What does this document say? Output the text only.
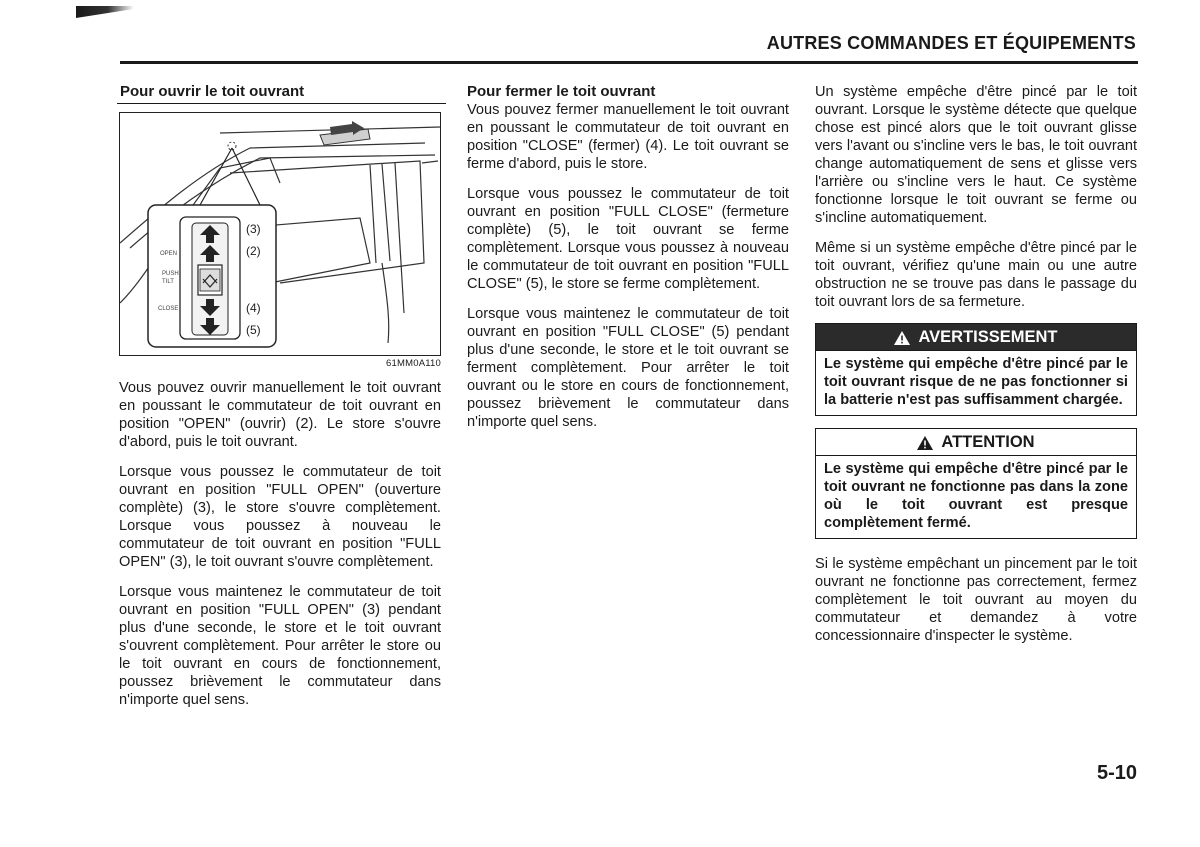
AUTRES COMMANDES ET ÉQUIPEMENTS
Pour ouvrir le toit ouvrant
OPEN
PUSH
TILT
CLOSE
(3)
(2)
(4)
(5)
61MM0A110

Vous pouvez ouvrir manuellement le toit ouvrant en poussant le commutateur de toit ouvrant en position "OPEN" (ouvrir) (2). Le store s'ouvre d'abord, puis le toit ouvrant.

Lorsque vous poussez le commutateur de toit ouvrant en position "FULL OPEN" (ouverture complète) (3), le store s'ouvre complètement. Lorsque vous poussez à nouveau le commutateur de toit ouvrant en position "FULL OPEN" (3), le toit ouvrant s'ouvre complètement.

Lorsque vous maintenez le commutateur de toit ouvrant en position "FULL OPEN" (3) pendant plus d'une seconde, le store et le toit ouvrant s'ouvrent complètement. Pour arrêter le store ou le toit ouvrant en cours de fonctionnement, poussez brièvement le commutateur dans n'importe quel sens.

Pour fermer le toit ouvrant

Vous pouvez fermer manuellement le toit ouvrant en poussant le commutateur de toit ouvrant en position "CLOSE" (fermer) (4). Le toit ouvrant se ferme d'abord, puis le store.

Lorsque vous poussez le commutateur de toit ouvrant en position "FULL CLOSE" (fermeture complète) (5), le toit ouvrant se ferme complètement. Lorsque vous poussez à nouveau le commutateur de toit ouvrant en position "FULL CLOSE" (5), le store se ferme complètement.

Lorsque vous maintenez le commutateur de toit ouvrant en position "FULL CLOSE" (5) pendant plus d'une seconde, le store et le toit ouvrant se ferment complètement. Pour arrêter le toit ouvrant ou le store en cours de fonctionnement, poussez brièvement le commutateur dans n'importe quel sens.

Un système empêche d'être pincé par le toit ouvrant. Lorsque le système détecte que quelque chose est pincé alors que le toit ouvrant glisse vers l'avant ou s'incline vers le bas, le toit ouvrant change automatiquement de sens et glisse vers l'arrière ou s'incline vers le haut. Ce système fonctionne lorsque le toit ouvrant se ferme ou s'incline automatiquement.

Même si un système empêche d'être pincé par le toit ouvrant, vérifiez qu'une main ou une autre obstruction ne se trouve pas dans le passage du toit ouvrant lors de sa fermeture.

AVERTISSEMENT
Le système qui empêche d'être pincé par le toit ouvrant risque de ne pas fonctionner si la batterie n'est pas suffisamment chargée.
ATTENTION
Le système qui empêche d'être pincé par le toit ouvrant ne fonctionne pas dans la zone où le toit ouvrant est presque complètement fermé.

Si le système empêchant un pincement par le toit ouvrant ne fonctionne pas correctement, fermez complètement le toit ouvrant au moyen du commutateur et demandez à votre concessionnaire d'inspecter le système.

5-10
